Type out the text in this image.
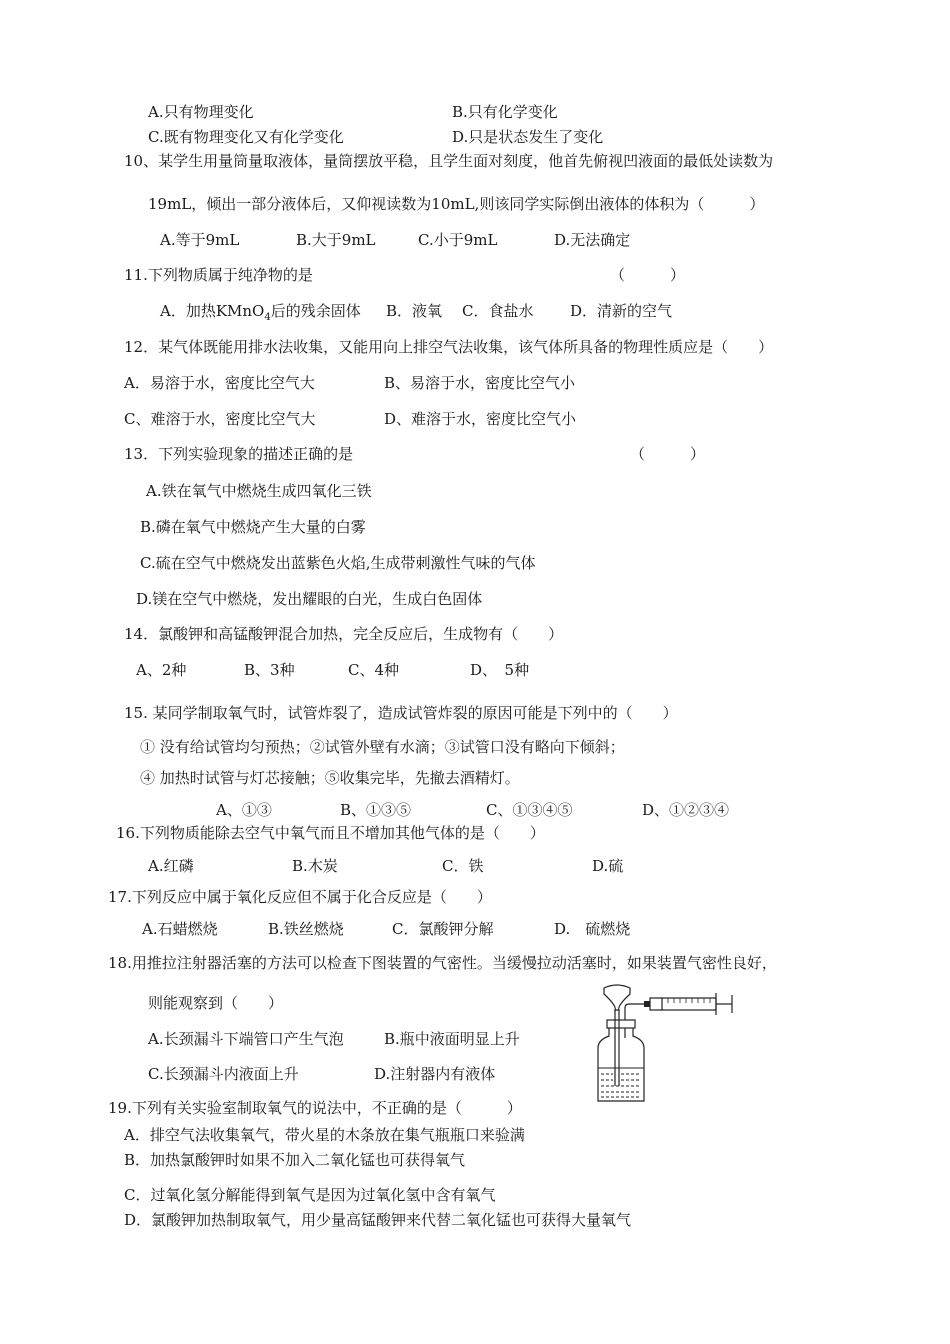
A.只有物理变化	B.只有化学变化
C.既有物理变化又有化学变化	D.只是状态发生了变化
10、某学生用量筒量取液体，量筒摆放平稳，且学生面对刻度，他首先俯视凹液面的最低处读数为
19mL，倾出一部分液体后，又仰视读数为10mL,则该同学实际倒出液体的体积为（　　　）
A.等于9mL	B.大于9mL	C.小于9mL	D.无法确定
11.下列物质属于纯净物的是	（　　　）
A．加热KMnO$_4$后的残余固体 B．液氧 C．食盐水 D．清新的空气
12．某气体既能用排水法收集，又能用向上排空气法收集，该气体所具备的物理性质应是（　　）
A．易溶于水，密度比空气大	B、易溶于水，密度比空气小
C、难溶于水，密度比空气大	D、难溶于水，密度比空气小
13．下列实验现象的描述正确的是	（　　　）
A.铁在氧气中燃烧生成四氧化三铁
B.磷在氧气中燃烧产生大量的白雾
C.硫在空气中燃烧发出蓝紫色火焰,生成带刺激性气味的气体
D.镁在空气中燃烧，发出耀眼的白光，生成白色固体
14．氯酸钾和高锰酸钾混合加热，完全反应后，生成物有（　　）
A、2种	B、3种	C、4种	D、　5种
15. 某同学制取氧气时，试管炸裂了，造成试管炸裂的原因可能是下列中的（　　）
① 没有给试管均匀预热；②试管外壁有水滴；③试管口没有略向下倾斜；
④ 加热时试管与灯芯接触；⑤收集完毕，先撤去酒精灯。
A、①③	B、①③⑤	C、①③④⑤	D、①②③④
16.下列物质能除去空气中氧气而且不增加其他气体的是（　　）
A.红磷	B.木炭	C．铁	D.硫
17.下列反应中属于氧化反应但不属于化合反应是（　　）
A.石蜡燃烧	B.铁丝燃烧	C．氯酸钾分解	D.　硫燃烧
18.用推拉注射器活塞的方法可以检查下图装置的气密性。当缓慢拉动活塞时，如果装置气密性良好，
则能观察到（　　）
A.长颈漏斗下端管口产生气泡	B.瓶中液面明显上升
C.长颈漏斗内液面上升	D.注射器内有液体
19.下列有关实验室制取氧气的说法中，不正确的是（　　　）
A．排空气法收集氧气，带火星的木条放在集气瓶瓶口来验满
B．加热氯酸钾时如果不加入二氧化锰也可获得氧气
C．过氧化氢分解能得到氧气是因为过氧化氢中含有氧气
D．氯酸钾加热制取氧气，用少量高锰酸钾来代替二氧化锰也可获得大量氧气
